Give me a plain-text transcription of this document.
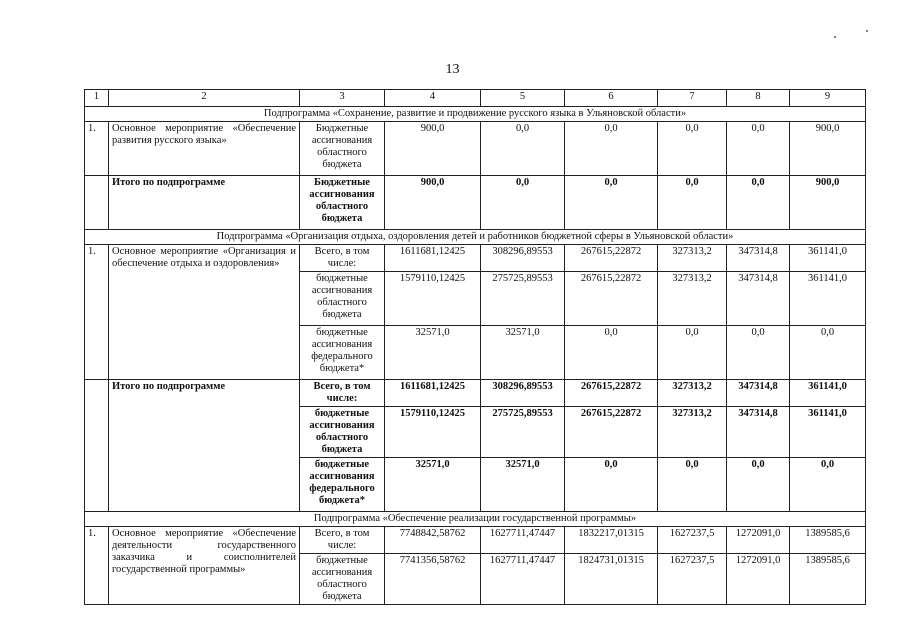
13
1	2	3	4	5	6	7	8	9
Подпрограмма «Сохранение, развитие и продвижение русского языка в Ульяновской области»								
1.	Основное мероприятие «Обеспечение развития русского языка»	Бюджетные ассигнования областного бюджета	900,0	0,0	0,0	0,0	0,0	900,0
	Итого по подпрограмме	Бюджетные ассигнования областного бюджета	900,0	0,0	0,0	0,0	0,0	900,0
Подпрограмма «Организация отдыха, оздоровления детей и работников бюджетной сферы в Ульяновской области»								
1.	Основное мероприятие «Организация и обеспечение отдыха и оздоровления»	Всего, в том числе:	1611681,12425	308296,89553	267615,22872	327313,2	347314,8	361141,0
		бюджетные ассигнования областного бюджета	1579110,12425	275725,89553	267615,22872	327313,2	347314,8	361141,0
		бюджетные ассигнования федерального бюджета*	32571,0	32571,0	0,0	0,0	0,0	0,0
	Итого по подпрограмме	Всего, в том числе:	1611681,12425	308296,89553	267615,22872	327313,2	347314,8	361141,0
		бюджетные ассигнования областного бюджета	1579110,12425	275725,89553	267615,22872	327313,2	347314,8	361141,0
		бюджетные ассигнования федерального бюджета*	32571,0	32571,0	0,0	0,0	0,0	0,0
Подпрограмма «Обеспечение реализации государственной программы»								
1.	Основное мероприятие «Обеспечение деятельности государственного заказчика и соисполнителей государственной программы»	Всего, в том числе:	7748842,58762	1627711,47447	1832217,01315	1627237,5	1272091,0	1389585,6
		бюджетные ассигнования областного бюджета	7741356,58762	1627711,47447	1824731,01315	1627237,5	1272091,0	1389585,6
